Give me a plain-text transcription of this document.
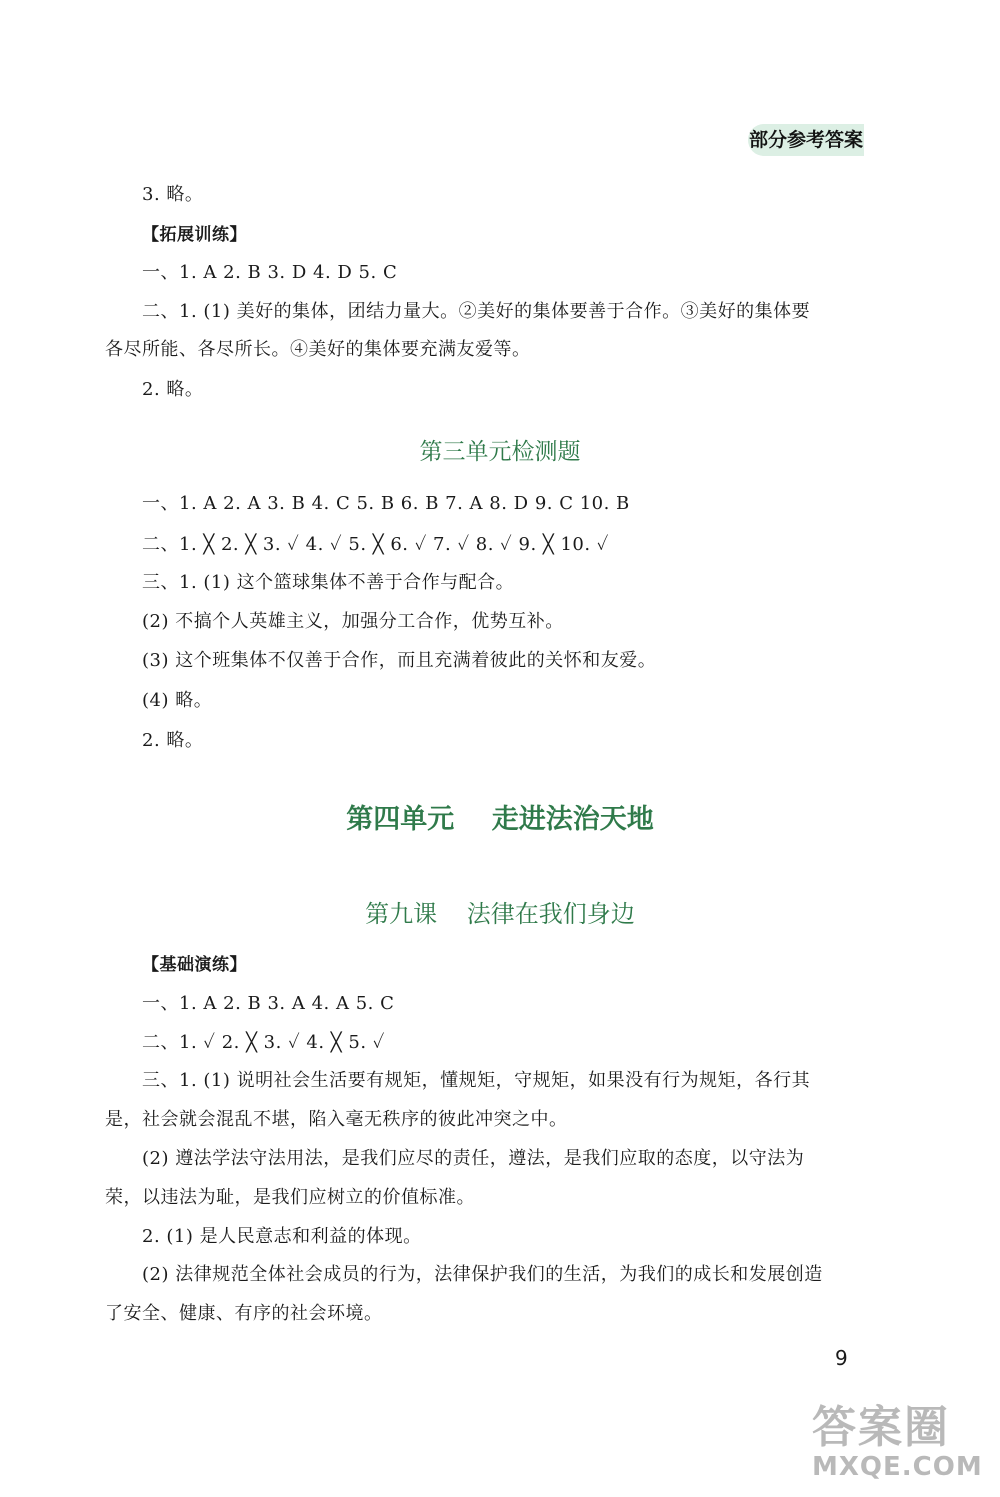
部分参考答案
3. 略。
【拓展训练】
一、1. A 2. B 3. D 4. D 5. C
二、1. (1) 美好的集体，团结力量大。②美好的集体要善于合作。③美好的集体要
各尽所能、各尽所长。④美好的集体要充满友爱等。
2. 略。
第三单元检测题
一、1. A 2. A 3. B 4. C 5. B 6. B 7. A 8. D 9. C 10. B
二、1. ╳ 2. ╳ 3. ✓ 4. ✓ 5. ╳ 6. ✓ 7. ✓ 8. ✓ 9. ╳ 10. ✓
三、1. (1) 这个篮球集体不善于合作与配合。
(2) 不搞个人英雄主义，加强分工合作，优势互补。
(3) 这个班集体不仅善于合作，而且充满着彼此的关怀和友爱。
(4) 略。
2. 略。
第四单元 走进法治天地
第九课 法律在我们身边
【基础演练】
一、1. A 2. B 3. A 4. A 5. C
二、1. ✓ 2. ╳ 3. ✓ 4. ╳ 5. ✓
三、1. (1) 说明社会生活要有规矩，懂规矩，守规矩，如果没有行为规矩，各行其
是，社会就会混乱不堪，陷入毫无秩序的彼此冲突之中。
(2) 遵法学法守法用法，是我们应尽的责任，遵法，是我们应取的态度，以守法为
荣，以违法为耻，是我们应树立的价值标准。
2. (1) 是人民意志和利益的体现。
(2) 法律规范全体社会成员的行为，法律保护我们的生活，为我们的成长和发展创造
了安全、健康、有序的社会环境。
9
答案圈
MXQE.COM
